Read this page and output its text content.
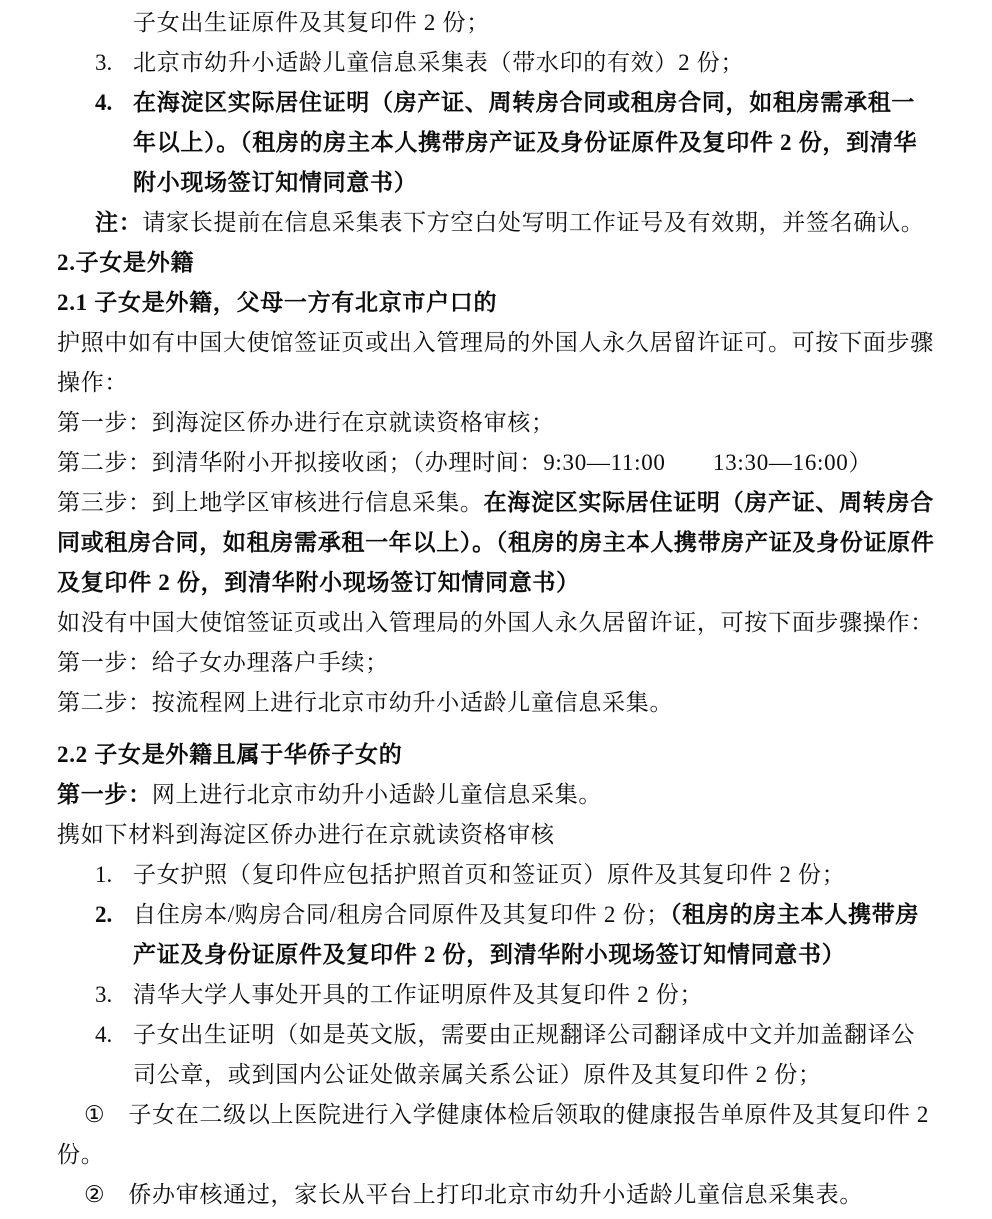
子女出生证原件及其复印件 2 份；
3. 北京市幼升小适龄儿童信息采集表（带水印的有效）2 份；
4. 在海淀区实际居住证明（房产证、周转房合同或租房合同，如租房需承租一年以上）。（租房的房主本人携带房产证及身份证原件及复印件 2 份，到清华附小现场签订知情同意书）
注：请家长提前在信息采集表下方空白处写明工作证号及有效期，并签名确认。
2.子女是外籍
2.1 子女是外籍，父母一方有北京市户口的
护照中如有中国大使馆签证页或出入管理局的外国人永久居留许证可。可按下面步骤操作：
第一步：到海淀区侨办进行在京就读资格审核；
第二步：到清华附小开拟接收函；（办理时间：9:30—11:00　　13:30—16:00）
第三步：到上地学区审核进行信息采集。在海淀区实际居住证明（房产证、周转房合同或租房合同，如租房需承租一年以上）。（租房的房主本人携带房产证及身份证原件及复印件 2 份，到清华附小现场签订知情同意书）
如没有中国大使馆签证页或出入管理局的外国人永久居留许证，可按下面步骤操作：
第一步：给子女办理落户手续；
第二步：按流程网上进行北京市幼升小适龄儿童信息采集。
2.2 子女是外籍且属于华侨子女的
第一步：网上进行北京市幼升小适龄儿童信息采集。
携如下材料到海淀区侨办进行在京就读资格审核
1. 子女护照（复印件应包括护照首页和签证页）原件及其复印件 2 份；
2. 自住房本/购房合同/租房合同原件及其复印件 2 份；（租房的房主本人携带房产证及身份证原件及复印件 2 份，到清华附小现场签订知情同意书）
3. 清华大学人事处开具的工作证明原件及其复印件 2 份；
4. 子女出生证明（如是英文版，需要由正规翻译公司翻译成中文并加盖翻译公司公章，或到国内公证处做亲属关系公证）原件及其复印件 2 份；
① 子女在二级以上医院进行入学健康体检后领取的健康报告单原件及其复印件 2 份。
② 侨办审核通过，家长从平台上打印北京市幼升小适龄儿童信息采集表。
